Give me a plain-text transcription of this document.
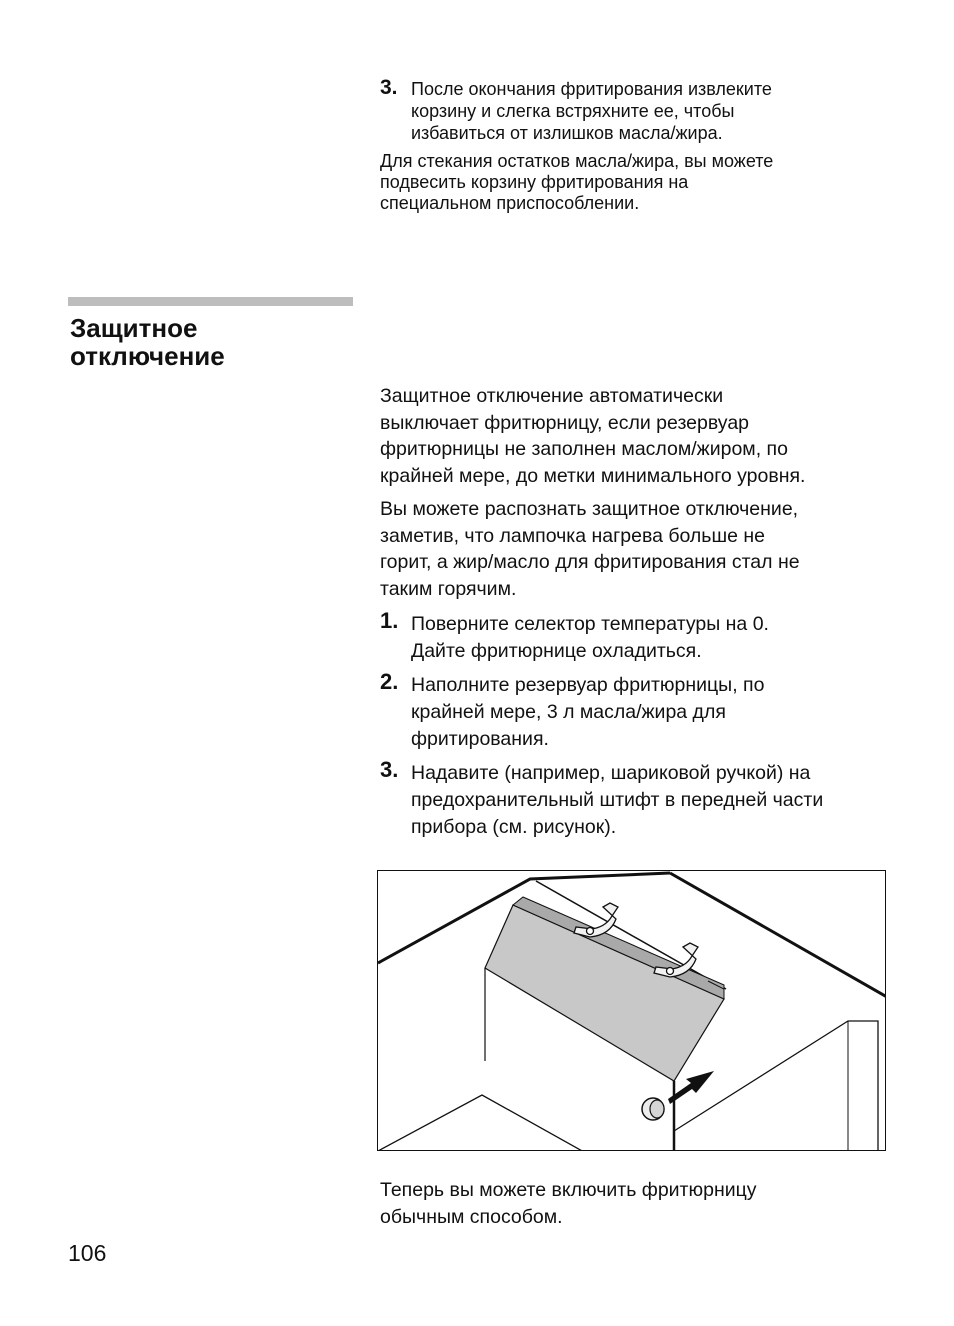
3. После окончания фритирования извлеките
корзину и слегка встряхните ее, чтобы
избавиться от излишков масла/жира.
Для стекания остатков масла/жира, вы можете
подвесить корзину фритирования на
специальном приспособлении.
Защитное
отключение
Защитное отключение автоматически
выключает фритюрницу, если резервуар
фритюрницы не заполнен маслом/жиром, по
крайней мере, до метки минимального уровня.
Вы можете распознать защитное отключение,
заметив, что лампочка нагрева больше не
горит, а жир/масло для фритирования стал не
таким горячим.
1. Поверните селектор температуры на 0.
Дайте фритюрнице охладиться.
2. Наполните резервуар фритюрницы, по
крайней мере, 3 л масла/жира для
фритирования.
3. Надавите (например, шариковой ручкой) на
предохранительный штифт в передней части
прибора (см. рисунок).
Теперь вы можете включить фритюрницу
обычным способом.
106
